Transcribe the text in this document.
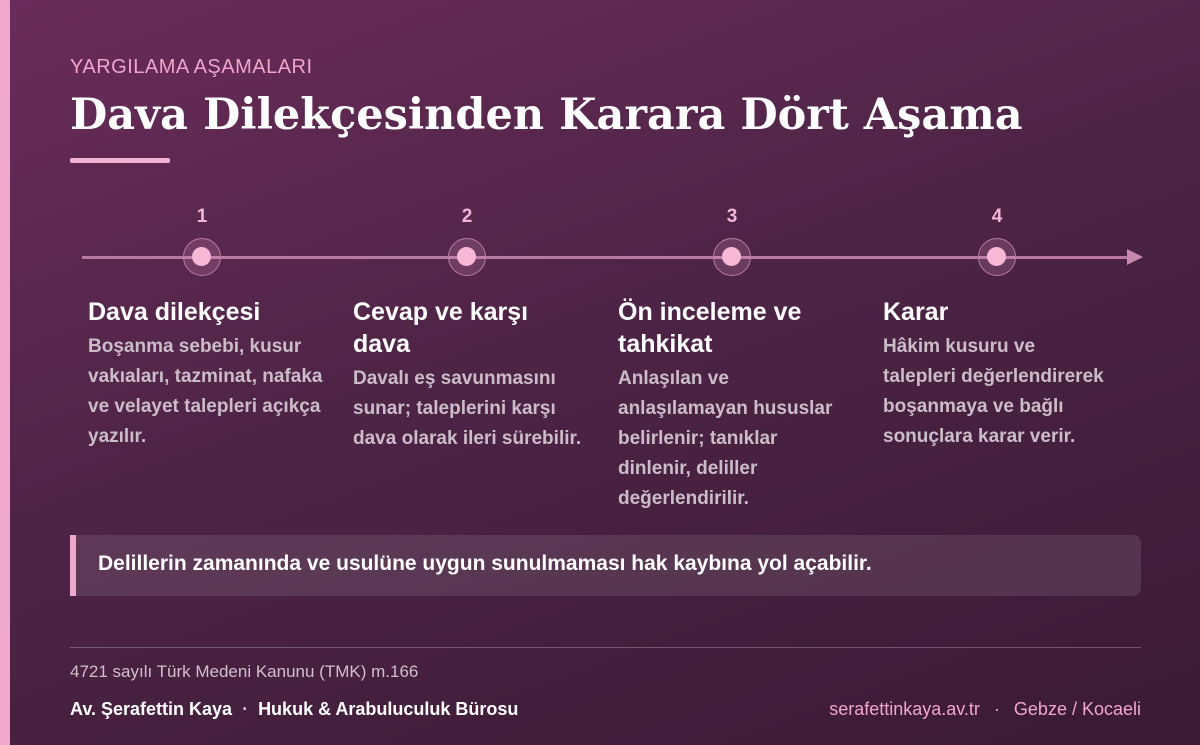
YARGILAMA AŞAMALARI
Dava Dilekçesinden Karara Dört Aşama
1
Dava dilekçesi
Boşanma sebebi, kusur vakıaları, tazminat, nafaka ve velayet talepleri açıkça yazılır.
2
Cevap ve karşı dava
Davalı eş savunmasını sunar; taleplerini karşı dava olarak ileri sürebilir.
3
Ön inceleme ve tahkikat
Anlaşılan ve anlaşılamayan hususlar belirlenir; tanıklar dinlenir, deliller değerlendirilir.
4
Karar
Hâkim kusuru ve talepleri değerlendirerek boşanmaya ve bağlı sonuçlara karar verir.
Delillerin zamanında ve usulüne uygun sunulmaması hak kaybına yol açabilir.
4721 sayılı Türk Medeni Kanunu (TMK) m.166
Av. Şerafettin Kaya · Hukuk & Arabuluculuk Bürosu	serafettinkaya.av.tr · Gebze / Kocaeli
